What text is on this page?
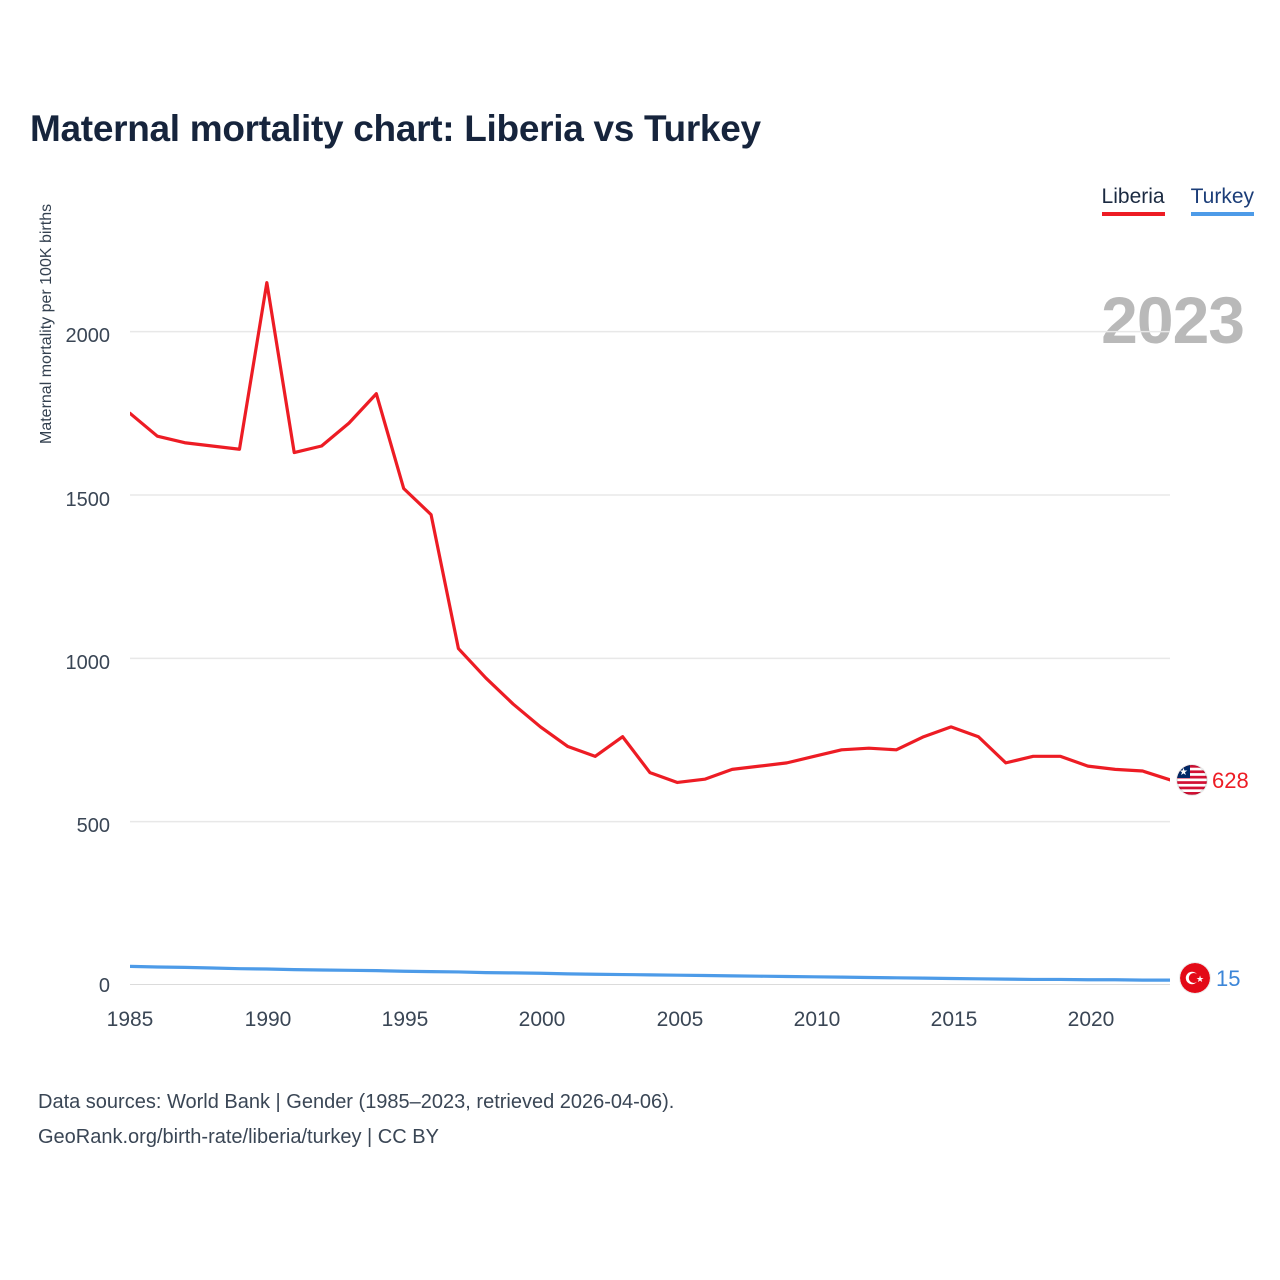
Maternal mortality chart: Liberia vs Turkey
Liberia Turkey
2023
Maternal mortality per 100K births 2000
1500
1000
500
0
1985	1990	1995	2000	2005	2010	2015	2020
★ 628
★ 15
Data sources: World Bank | Gender (1985–2023, retrieved 2026-04-06).
GeoRank.org/birth-rate/liberia/turkey | CC BY
